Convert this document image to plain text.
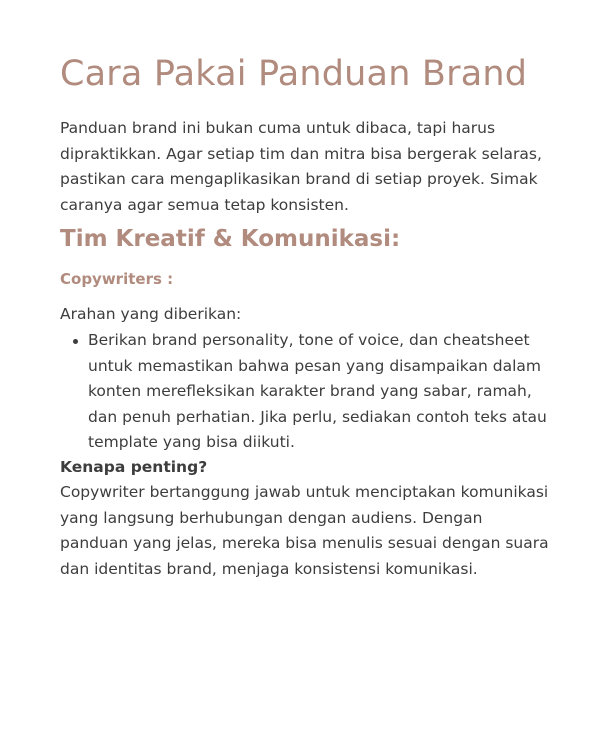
Cara Pakai Panduan Brand

Panduan brand ini bukan cuma untuk dibaca, tapi harus dipraktikkan. Agar setiap tim dan mitra bisa bergerak selaras, pastikan cara mengaplikasikan brand di setiap proyek. Simak caranya agar semua tetap konsisten.

Tim Kreatif & Komunikasi:
Copywriters :

Arahan yang diberikan:

Berikan brand personality, tone of voice, dan cheatsheet untuk memastikan bahwa pesan yang disampaikan dalam konten merefleksikan karakter brand yang sabar, ramah, dan penuh perhatian. Jika perlu, sediakan contoh teks atau template yang bisa diikuti.

Kenapa penting?

Copywriter bertanggung jawab untuk menciptakan komunikasi yang langsung berhubungan dengan audiens. Dengan panduan yang jelas, mereka bisa menulis sesuai dengan suara dan identitas brand, menjaga konsistensi komunikasi.
